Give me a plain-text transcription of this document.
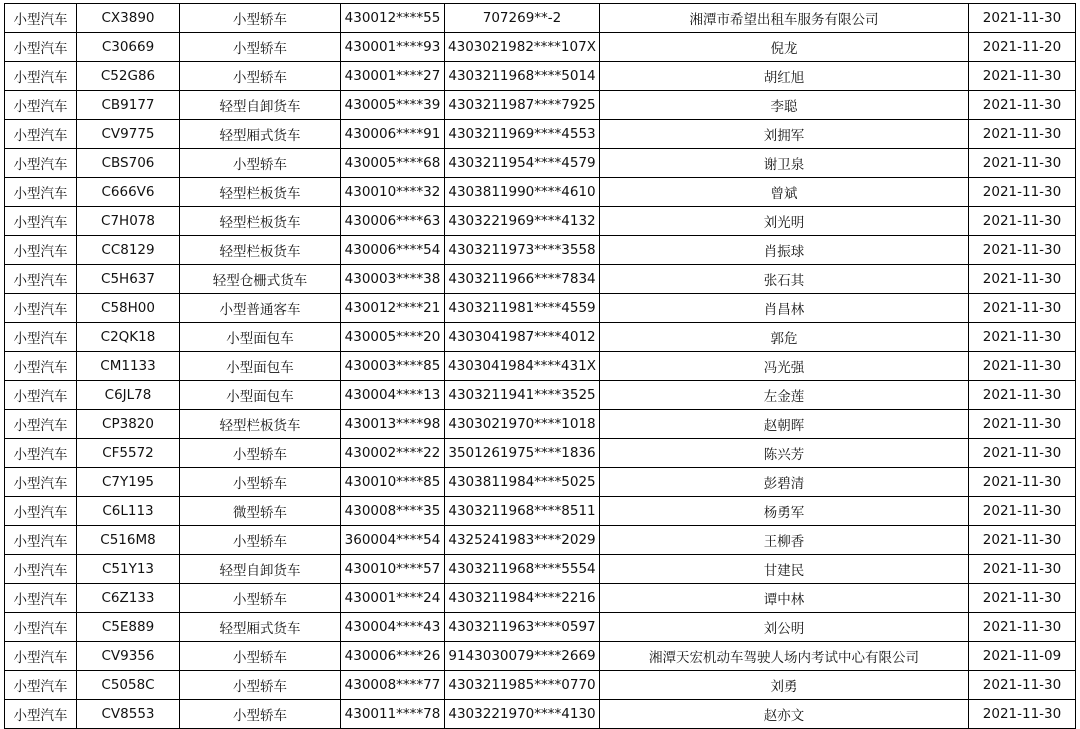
小型汽车	CX3890	小型轿车	430012****55	707269**-2	湘潭市希望出租车服务有限公司	2021-11-30
小型汽车	C30669	小型轿车	430001****93	4303021982****107X	倪龙	2021-11-20
小型汽车	C52G86	小型轿车	430001****27	4303211968****5014	胡红旭	2021-11-30
小型汽车	CB9177	轻型自卸货车	430005****39	4303211987****7925	李聪	2021-11-30
小型汽车	CV9775	轻型厢式货车	430006****91	4303211969****4553	刘拥军	2021-11-30
小型汽车	CBS706	小型轿车	430005****68	4303211954****4579	谢卫泉	2021-11-30
小型汽车	C666V6	轻型栏板货车	430010****32	4303811990****4610	曾斌	2021-11-30
小型汽车	C7H078	轻型栏板货车	430006****63	4303221969****4132	刘光明	2021-11-30
小型汽车	CC8129	轻型栏板货车	430006****54	4303211973****3558	肖振球	2021-11-30
小型汽车	C5H637	轻型仓栅式货车	430003****38	4303211966****7834	张石其	2021-11-30
小型汽车	C58H00	小型普通客车	430012****21	4303211981****4559	肖昌林	2021-11-30
小型汽车	C2QK18	小型面包车	430005****20	4303041987****4012	郭危	2021-11-30
小型汽车	CM1133	小型面包车	430003****85	4303041984****431X	冯光强	2021-11-30
小型汽车	C6JL78	小型面包车	430004****13	4303211941****3525	左金莲	2021-11-30
小型汽车	CP3820	轻型栏板货车	430013****98	4303021970****1018	赵朝晖	2021-11-30
小型汽车	CF5572	小型轿车	430002****22	3501261975****1836	陈兴芳	2021-11-30
小型汽车	C7Y195	小型轿车	430010****85	4303811984****5025	彭碧清	2021-11-30
小型汽车	C6L113	微型轿车	430008****35	4303211968****8511	杨勇军	2021-11-30
小型汽车	C516M8	小型轿车	360004****54	4325241983****2029	王柳香	2021-11-30
小型汽车	C51Y13	轻型自卸货车	430010****57	4303211968****5554	甘建民	2021-11-30
小型汽车	C6Z133	小型轿车	430001****24	4303211984****2216	谭中林	2021-11-30
小型汽车	C5E889	轻型厢式货车	430004****43	4303211963****0597	刘公明	2021-11-30
小型汽车	CV9356	小型轿车	430006****26	9143030079****2669	湘潭天宏机动车驾驶人场内考试中心有限公司	2021-11-09
小型汽车	C5058C	小型轿车	430008****77	4303211985****0770	刘勇	2021-11-30
小型汽车	CV8553	小型轿车	430011****78	4303221970****4130	赵亦文	2021-11-30
